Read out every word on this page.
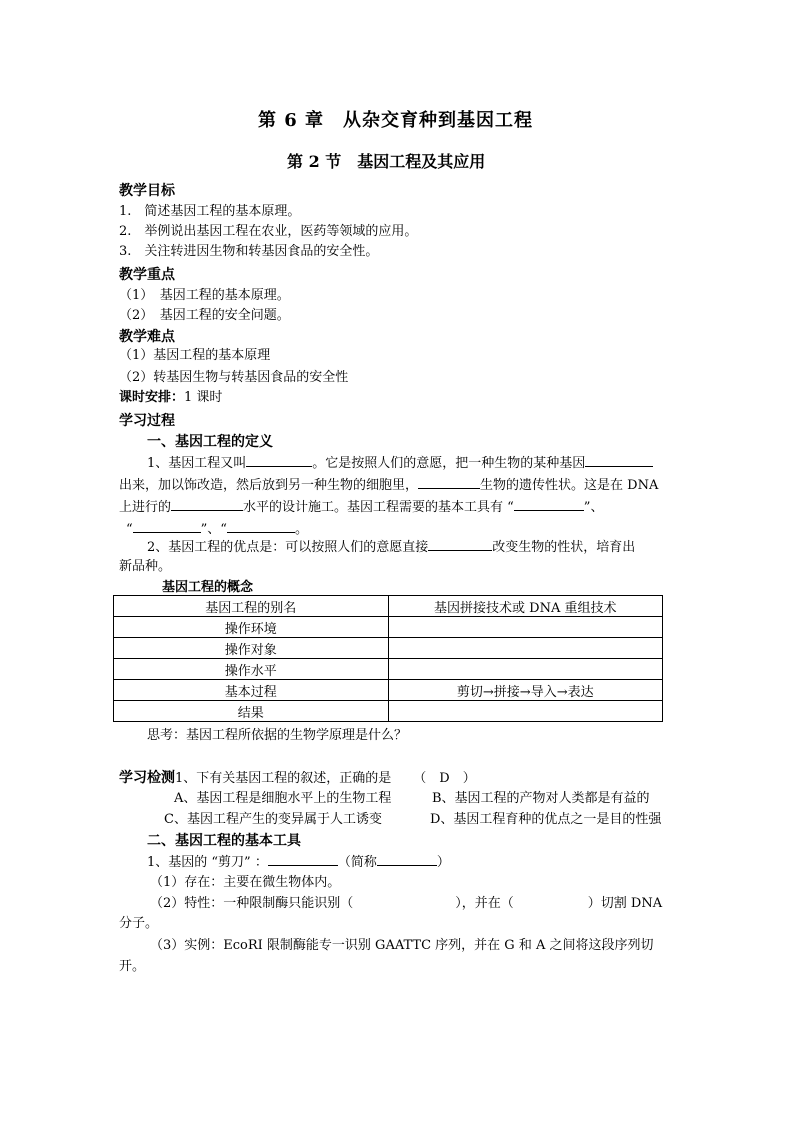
第 6 章　从杂交育种到基因工程
第 2 节　基因工程及其应用
教学目标
1.　简述基因工程的基本原理。
2.　举例说出基因工程在农业，医药等领域的应用。
3.　关注转进因生物和转基因食品的安全性。
教学重点
（1）　基因工程的基本原理。
（2）　基因工程的安全问题。
教学难点
（1）基因工程的基本原理
（2）转基因生物与转基因食品的安全性
课时安排：1 课时
学习过程
一、基因工程的定义
1、基因工程又叫	。它是按照人们的意愿，把一种生物的某种基因
出来，加以饰改造，然后放到另一种生物的细胞里，	生物的遗传性状。这是在 DNA
上进行的	水平的设计施工。基因工程需要的基本工具有 “	”、
“	”、“	。
2、基因工程的优点是：可以按照人们的意愿直接	改变生物的性状，培育出
新品种。
基因工程的概念
基因工程的别名	基因拼接技术或 DNA 重组技术
操作环境	
操作对象	
操作水平	
基本过程	剪切→拼接→导入→表达
结果	
思考：基因工程所依据的生物学原理是什么？
学习检测1、下有关基因工程的叙述，正确的是 （　D　）
A、基因工程是细胞水平上的生物工程	B、基因工程的产物对人类都是有益的
C、基因工程产生的变异属于人工诱变	D、基因工程育种的优点之一是目的性强
二、基因工程的基本工具
1、基因的 “剪刀” ：	（简称	）
（1）存在：主要在微生物体内。
（2）特性：一种限制酶只能识别（	），并在（	）切割 DNA
分子。
（3）实例：EcoRI 限制酶能专一识别 GAATTC 序列，并在 G 和 A 之间将这段序列切
开。
